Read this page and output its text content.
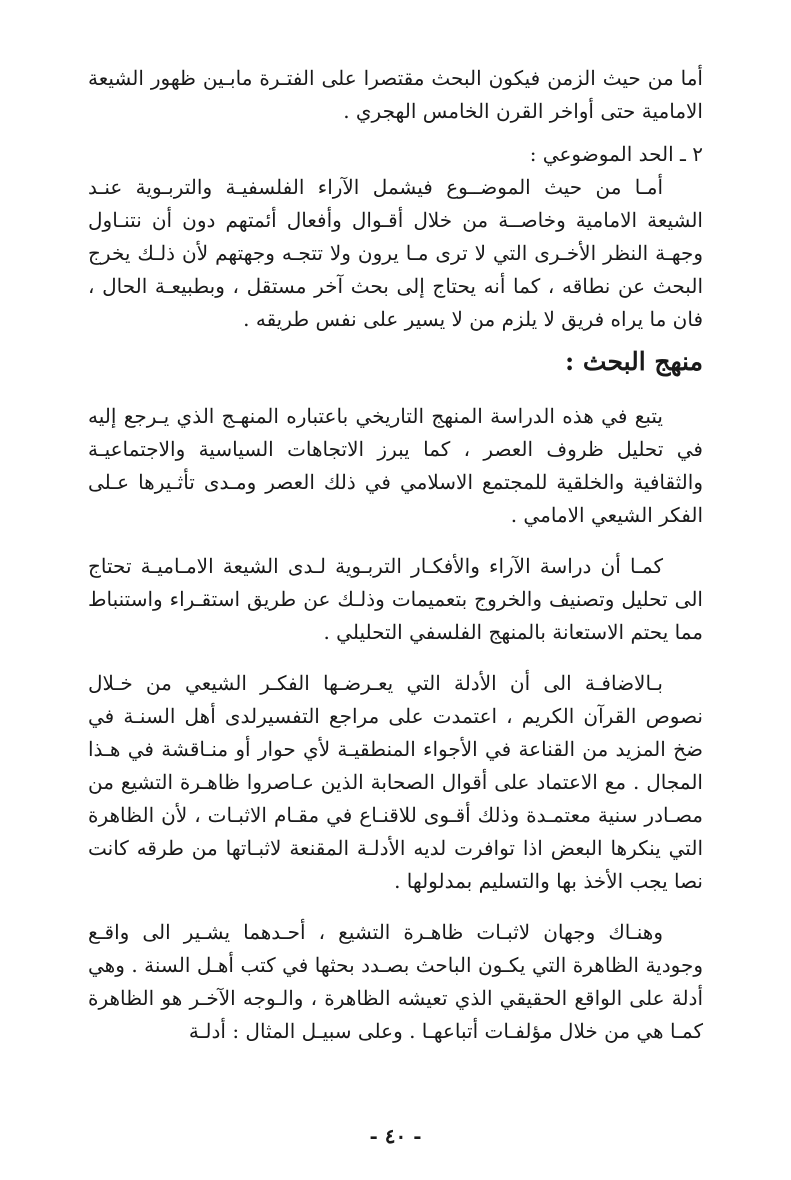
أما من حيث الزمن فيكون البحث مقتصرا على الفتـرة مابـين ظهور الشيعة الامامية حتى أواخر القرن الخامس الهجري .

٢ ـ الحد الموضوعي :

أمـا من حيث الموضــوع فيشمل الآراء الفلسفيـة والتربـوية عنـد الشيعة الامامية وخاصــة من خلال أقـوال وأفعال أئمتهم دون أن نتنـاول وجهـة النظر الأخـرى التي لا ترى مـا يرون ولا تتجـه وجهتهم لأن ذلـك يخرج البحث عن نطاقه ، كما أنه يحتاج إلى بحث آخر مستقل ، وبطبيعـة الحال ، فان ما يراه فريق لا يلزم من لا يسير على نفس طريقه .

منهج البحث :

يتبع في هذه الدراسة المنهج التاريخي باعتباره المنهـج الذي يـرجع إليه في تحليل ظروف العصر ، كما يبرز الاتجاهات السياسية والاجتماعيـة والثقافية والخلقية للمجتمع الاسلامي في ذلك العصر ومـدى تأثـيرها عـلى الفكر الشيعي الامامي .

كمـا أن دراسة الآراء والأفكـار التربـوية لـدى الشيعة الامـاميـة تحتاج الى تحليل وتصنيف والخروج بتعميمات وذلـك عن طريق استقـراء واستنباط مما يحتم الاستعانة بالمنهج الفلسفي التحليلي .

بـالاضافـة الى أن الأدلة التي يعـرضـها الفكـر الشيعي من خـلال نصوص القرآن الكريم ، اعتمدت على مراجع التفسيرلدى أهل السنـة في ضخ المزيد من القناعة في الأجواء المنطقيـة لأي حوار أو منـاقشة في هـذا المجال . مع الاعتماد على أقوال الصحابة الذين عـاصروا ظاهـرة التشيع من مصـادر سنية معتمـدة وذلك أقـوى للاقنـاع في مقـام الاثبـات ، لأن الظاهرة التي ينكرها البعض اذا توافرت لديه الأدلـة المقنعة لاثبـاتها من طرقه كانت نصا يجب الأخذ بها والتسليم بمدلولها .

وهنـاك وجهان لاثبـات ظاهـرة التشيع ، أحـدهما يشـير الى واقـع وجودية الظاهرة التي يكـون الباحث بصـدد بحثها في كتب أهـل السنة . وهي أدلة على الواقع الحقيقي الذي تعيشه الظاهرة ، والـوجه الآخـر هو الظاهرة كمـا هي من خلال مؤلفـات أتباعهـا . وعلى سبيـل المثال : أدلـة

- ٤٠ -
